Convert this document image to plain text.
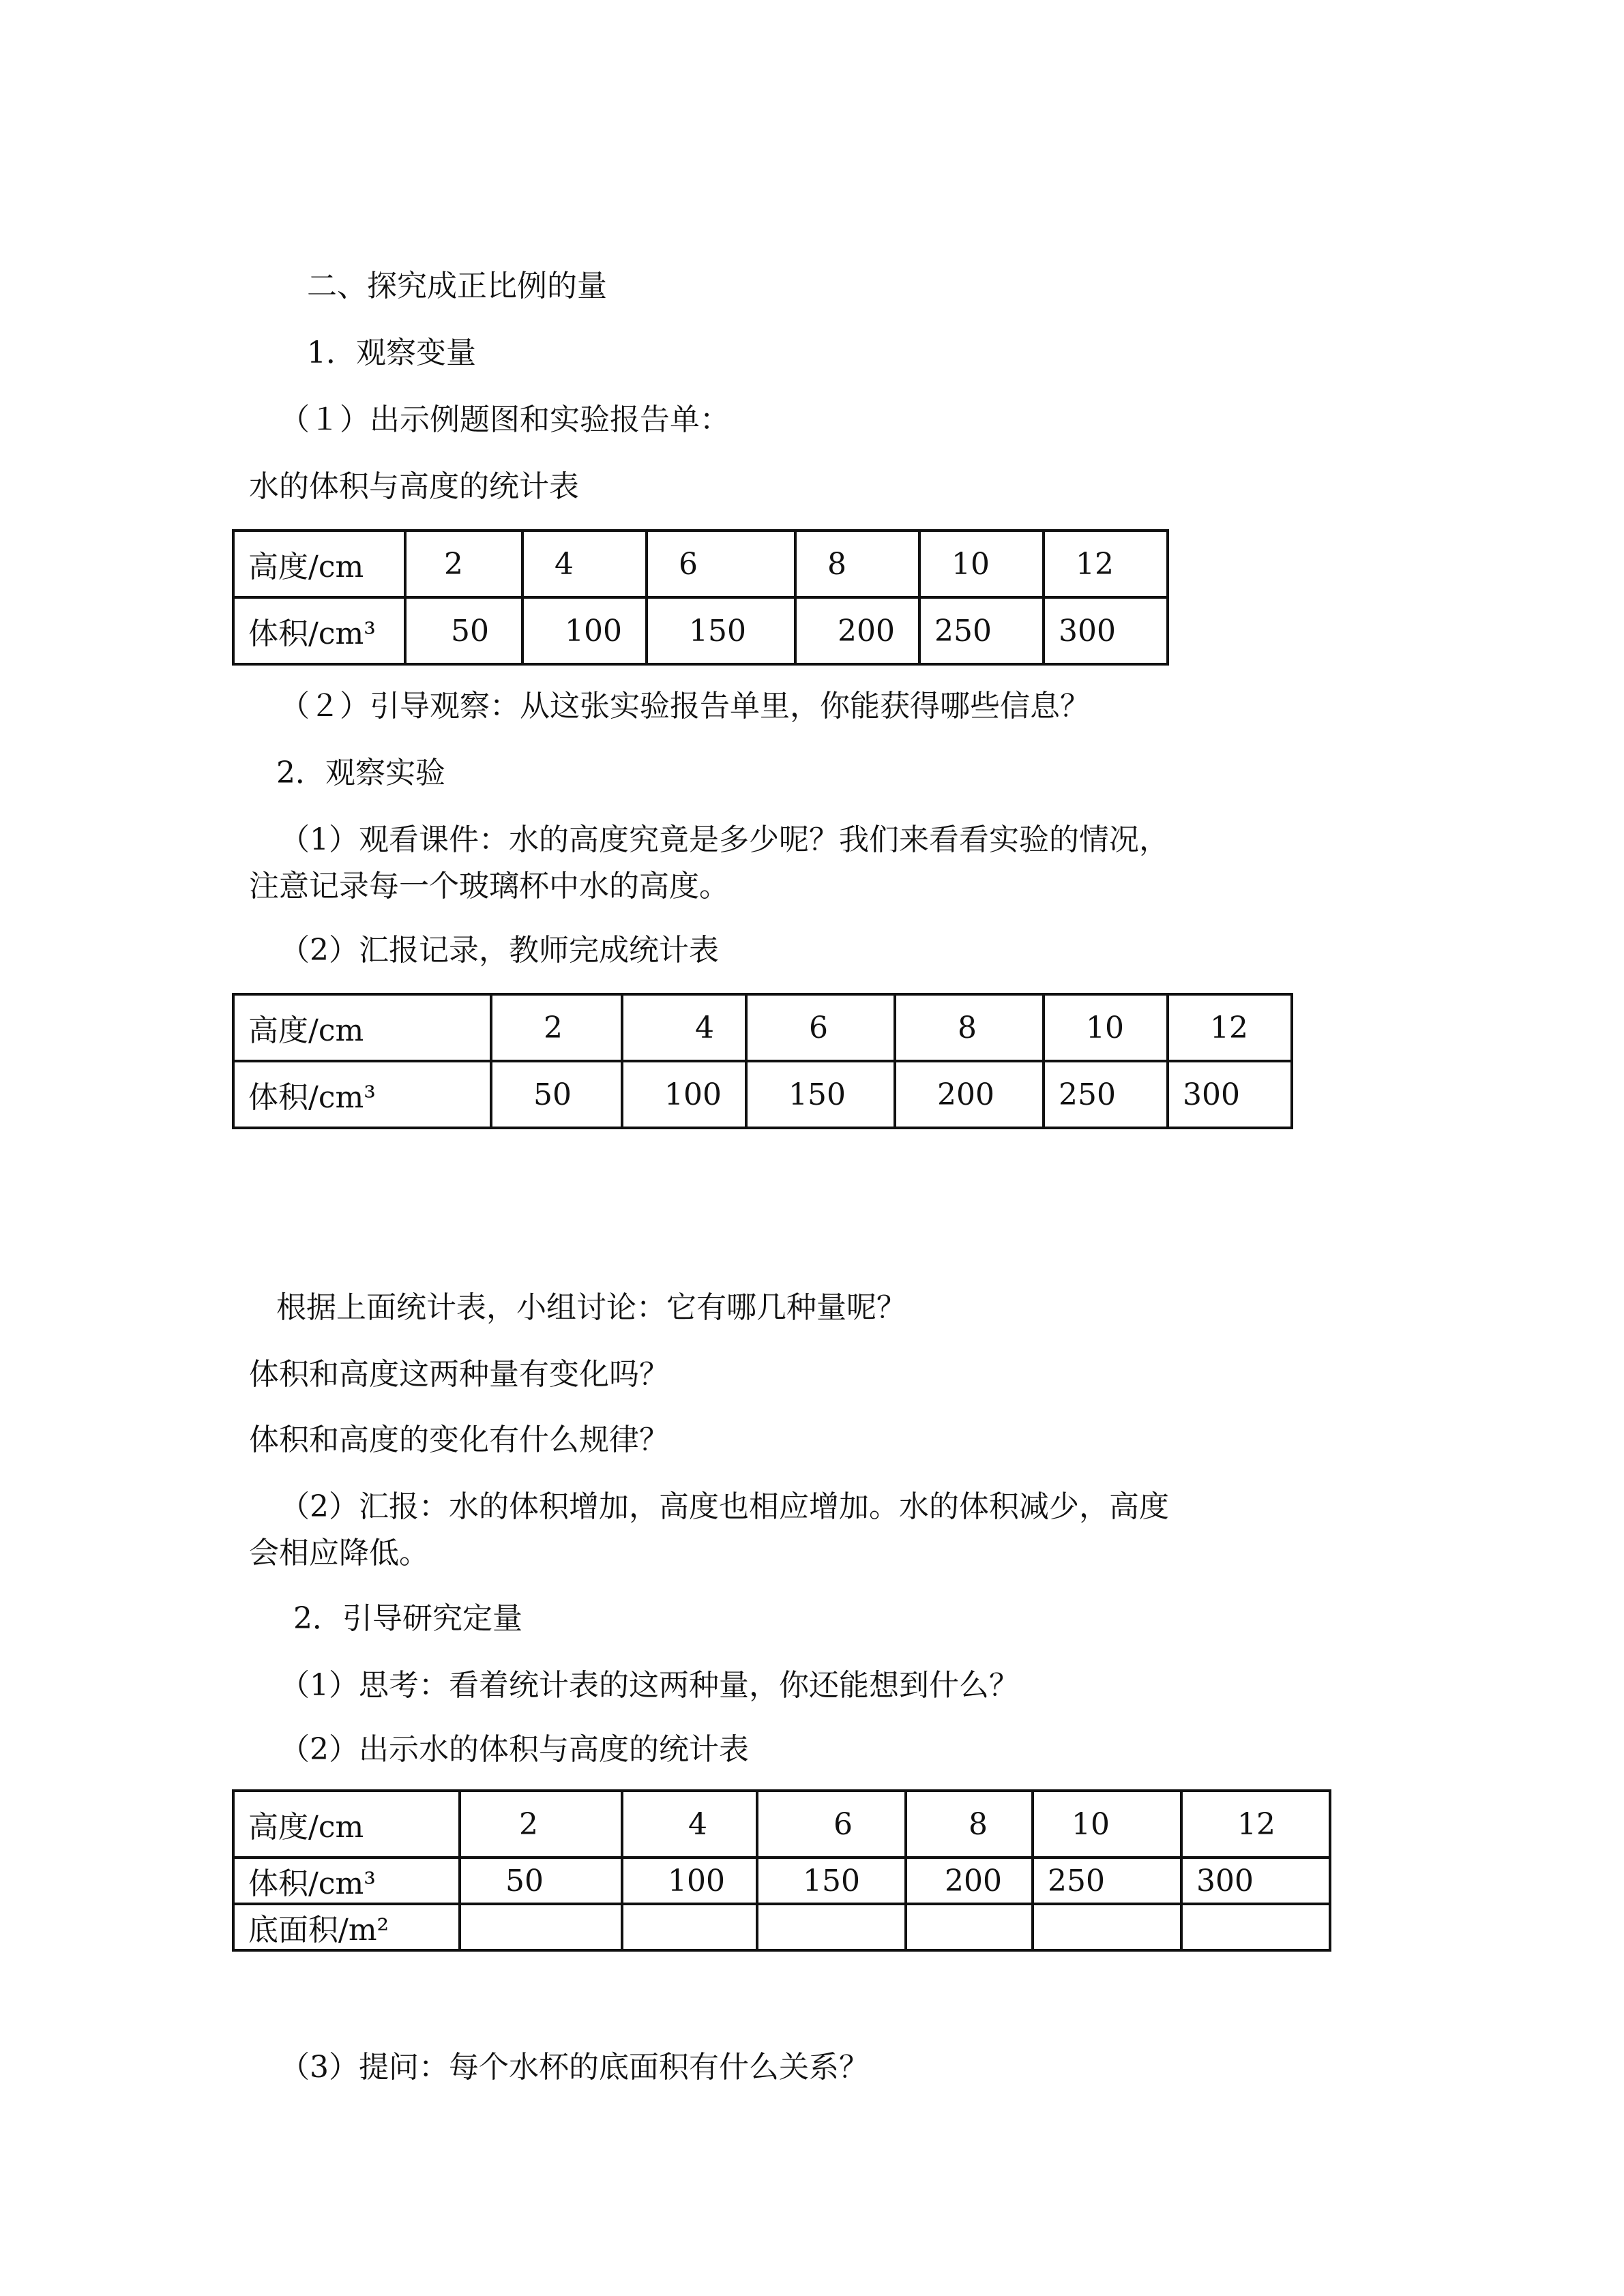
二、探究成正比例的量
1．观察变量
（１）出示例题图和实验报告单：
水的体积与高度的统计表
高度/cm	2	4	6	8	10	12
体积/cm³	50	100	150	200	250	300
（２）引导观察：从这张实验报告单里，你能获得哪些信息？
2．观察实验
（1）观看课件：水的高度究竟是多少呢？我们来看看实验的情况，
注意记录每一个玻璃杯中水的高度。
（2）汇报记录，教师完成统计表
高度/cm	2	4	6	8	10	12
体积/cm³	50	100	150	200	250	300
根据上面统计表，小组讨论：它有哪几种量呢？
体积和高度这两种量有变化吗？
体积和高度的变化有什么规律？
（2）汇报：水的体积增加，高度也相应增加。水的体积减少，高度
会相应降低。
2．引导研究定量
（1）思考：看着统计表的这两种量，你还能想到什么？
（2）出示水的体积与高度的统计表
高度/cm	2	4	6	8	10	12
体积/cm³	50	100	150	200	250	300
底面积/m²						
（3）提问：每个水杯的底面积有什么关系？
